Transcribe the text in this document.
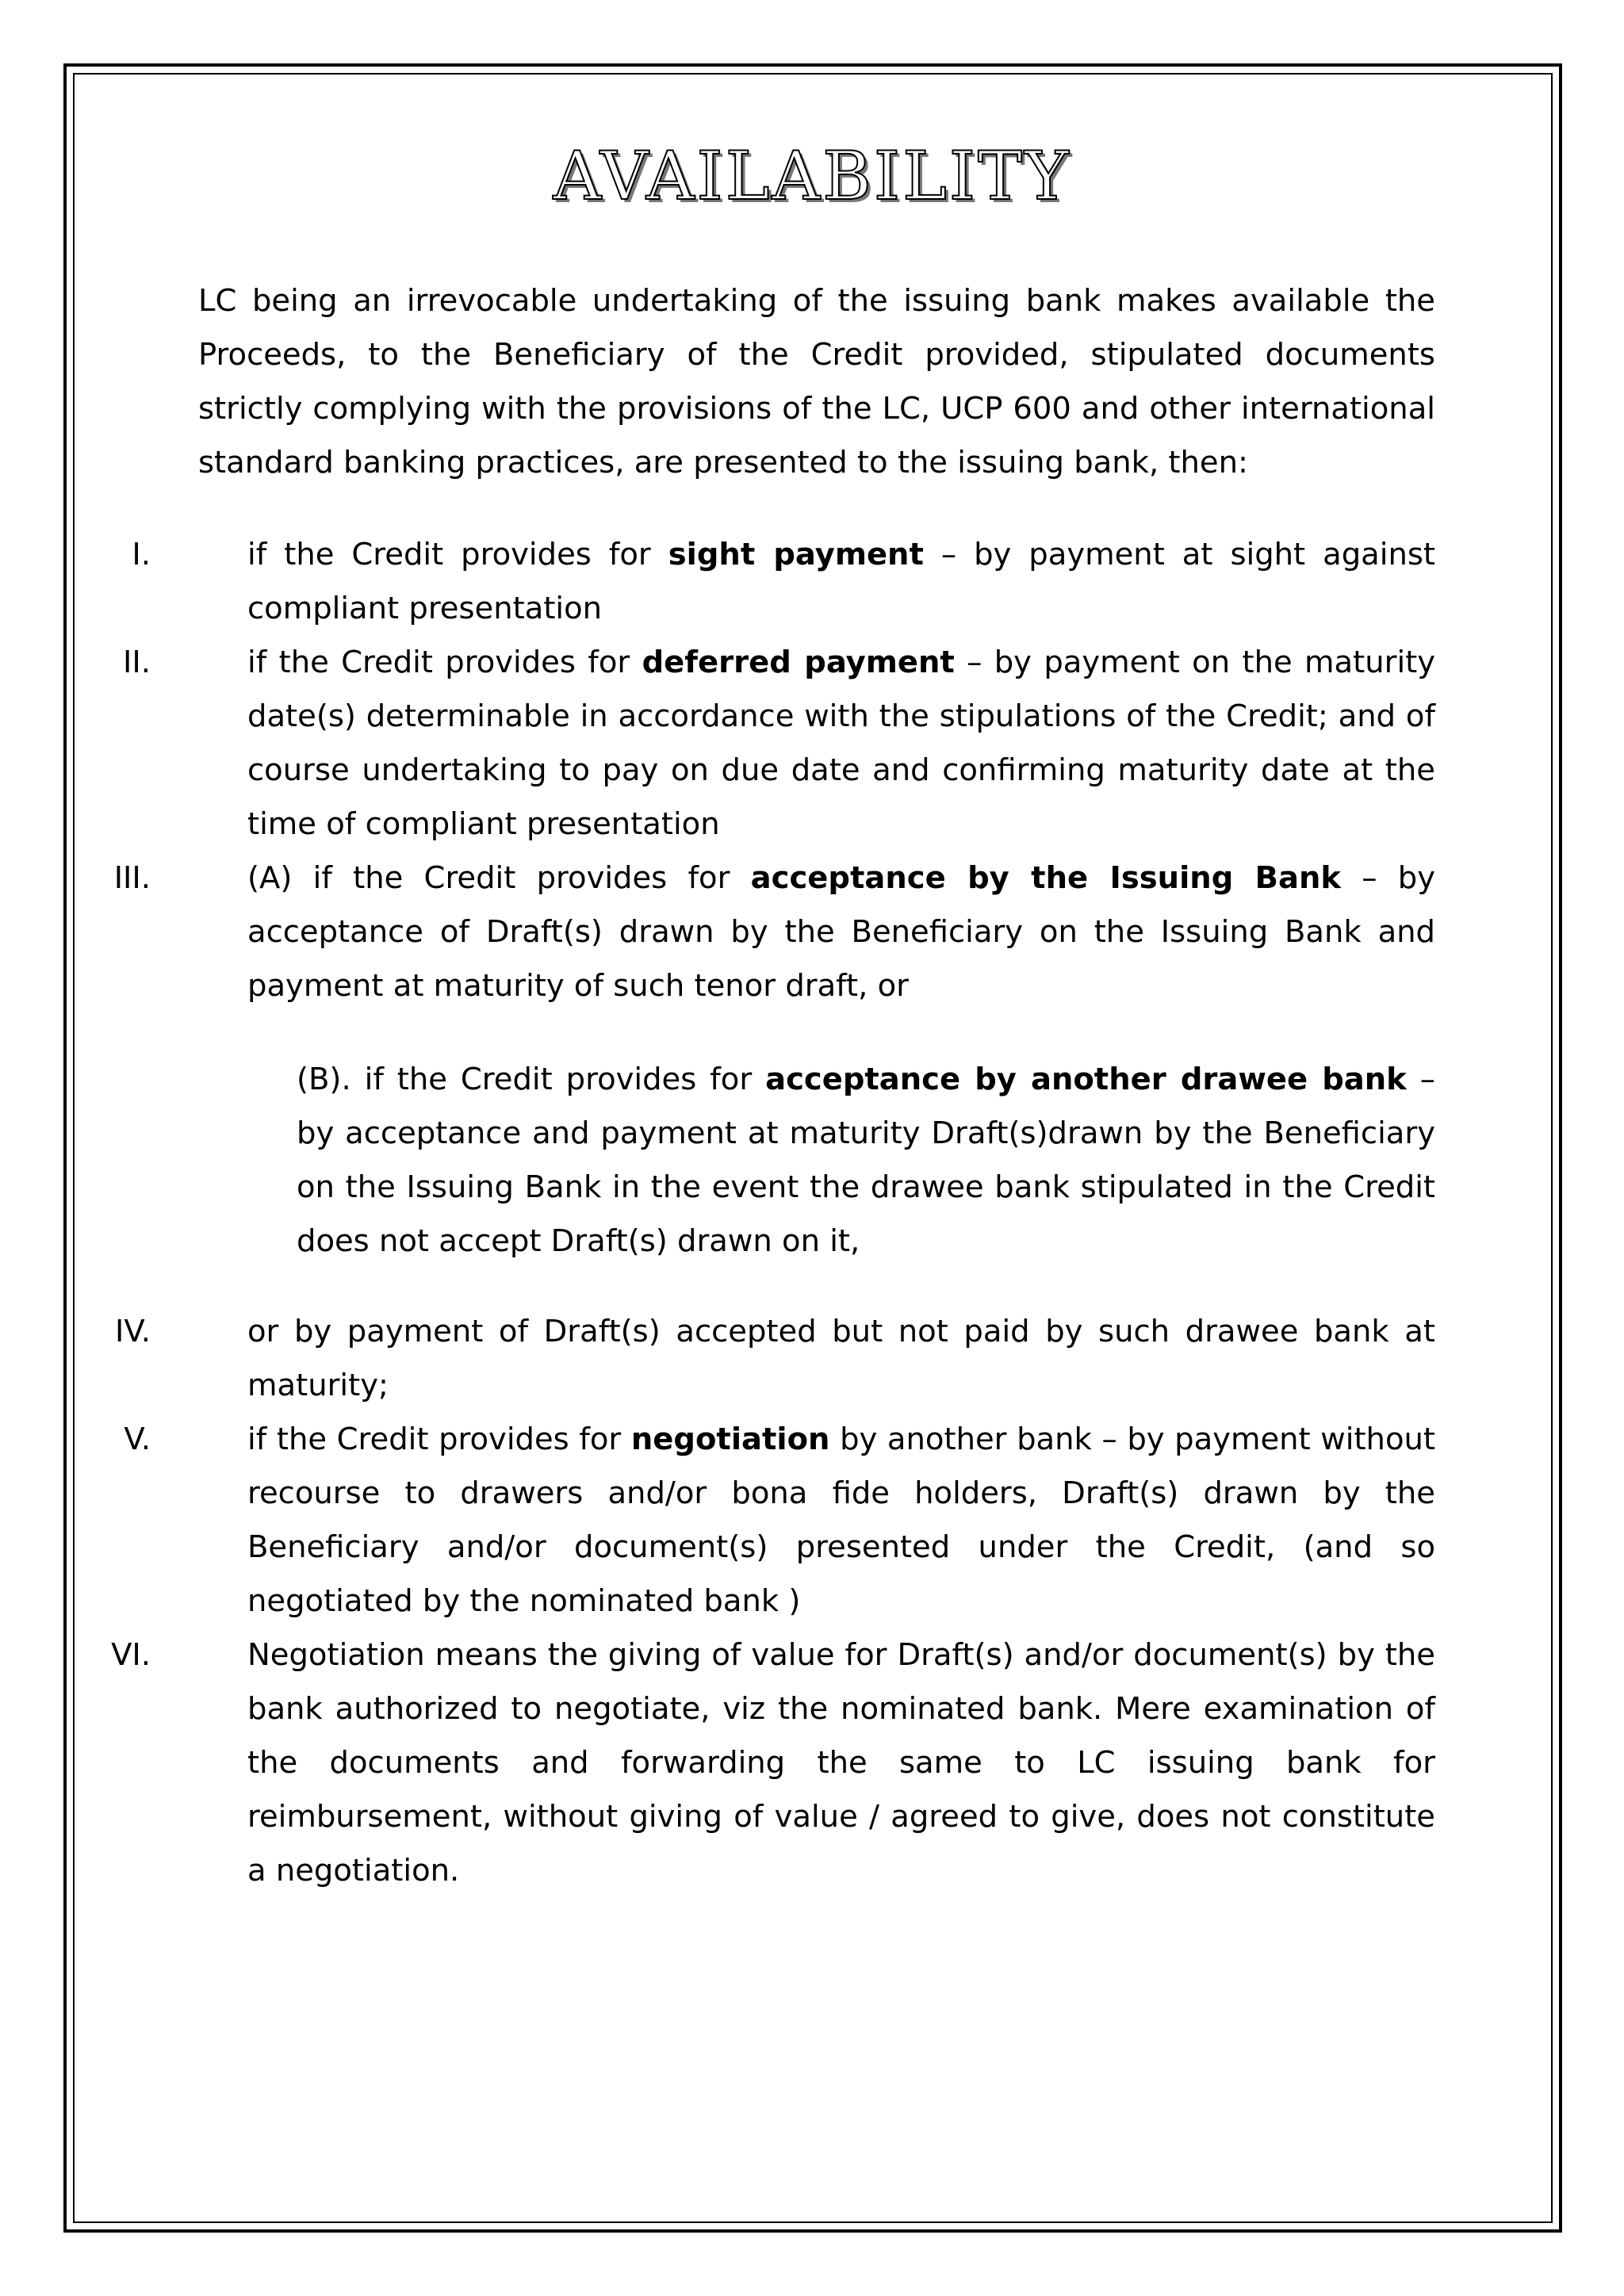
AVAILABILITY

LC being an irrevocable undertaking of the issuing bank makes available the Proceeds, to the Beneficiary of the Credit provided, stipulated documents strictly complying with the provisions of the LC, UCP 600 and other international standard banking practices, are presented to the issuing bank, then:

I.	if the Credit provides for sight payment – by payment at sight against compliant presentation
II.	if the Credit provides for deferred payment – by payment on the maturity date(s) determinable in accordance with the stipulations of the Credit; and of course undertaking to pay on due date and confirming maturity date at the time of compliant presentation
III.	(A) if the Credit provides for acceptance by the Issuing Bank – by acceptance of Draft(s) drawn by the Beneficiary on the Issuing Bank and payment at maturity of such tenor draft, or

(B). if the Credit provides for acceptance by another drawee bank – by acceptance and payment at maturity Draft(s)drawn by the Beneficiary on the Issuing Bank in the event the drawee bank stipulated in the Credit does not accept Draft(s) drawn on it,

IV.	or by payment of Draft(s) accepted but not paid by such drawee bank at maturity;
V.	if the Credit provides for negotiation by another bank – by payment without recourse to drawers and/or bona fide holders, Draft(s) drawn by the Beneficiary and/or document(s) presented under the Credit, (and so negotiated by the nominated bank )
VI.	Negotiation means the giving of value for Draft(s) and/or document(s) by the bank authorized to negotiate, viz the nominated bank. Mere examination of the documents and forwarding the same to LC issuing bank for reimbursement, without giving of value / agreed to give, does not constitute a negotiation.
